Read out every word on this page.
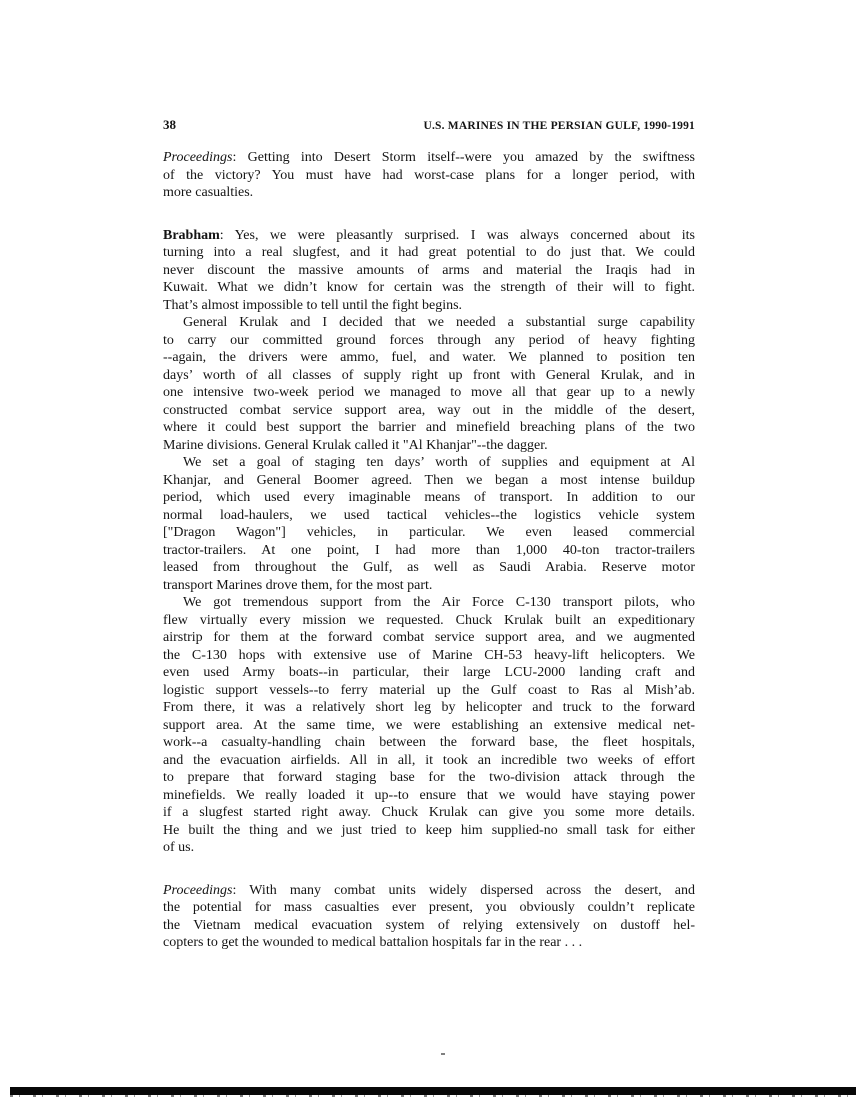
38	U.S. MARINES IN THE PERSIAN GULF, 1990-1991
Proceedings: Getting into Desert Storm itself--were you amazed by the swiftness
of the victory? You must have had worst-case plans for a longer period, with
more casualties.
Brabham: Yes, we were pleasantly surprised. I was always concerned about its
turning into a real slugfest, and it had great potential to do just that. We could
never discount the massive amounts of arms and material the Iraqis had in
Kuwait. What we didn’t know for certain was the strength of their will to fight.
That’s almost impossible to tell until the fight begins.
General Krulak and I decided that we needed a substantial surge capability
to carry our committed ground forces through any period of heavy fighting
--again, the drivers were ammo, fuel, and water. We planned to position ten
days’ worth of all classes of supply right up front with General Krulak, and in
one intensive two-week period we managed to move all that gear up to a newly
constructed combat service support area, way out in the middle of the desert,
where it could best support the barrier and minefield breaching plans of the two
Marine divisions. General Krulak called it "Al Khanjar"--the dagger.
We set a goal of staging ten days’ worth of supplies and equipment at Al
Khanjar, and General Boomer agreed. Then we began a most intense buildup
period, which used every imaginable means of transport. In addition to our
normal load-haulers, we used tactical vehicles--the logistics vehicle system
["Dragon Wagon"] vehicles, in particular. We even leased commercial
tractor-trailers. At one point, I had more than 1,000 40-ton tractor-trailers
leased from throughout the Gulf, as well as Saudi Arabia. Reserve motor
transport Marines drove them, for the most part.
We got tremendous support from the Air Force C-130 transport pilots, who
flew virtually every mission we requested. Chuck Krulak built an expeditionary
airstrip for them at the forward combat service support area, and we augmented
the C-130 hops with extensive use of Marine CH-53 heavy-lift helicopters. We
even used Army boats--in particular, their large LCU-2000 landing craft and
logistic support vessels--to ferry material up the Gulf coast to Ras al Mish’ab.
From there, it was a relatively short leg by helicopter and truck to the forward
support area. At the same time, we were establishing an extensive medical net-
work--a casualty-handling chain between the forward base, the fleet hospitals,
and the evacuation airfields. All in all, it took an incredible two weeks of effort
to prepare that forward staging base for the two-division attack through the
minefields. We really loaded it up--to ensure that we would have staying power
if a slugfest started right away. Chuck Krulak can give you some more details.
He built the thing and we just tried to keep him supplied-no small task for either
of us.
Proceedings: With many combat units widely dispersed across the desert, and
the potential for mass casualties ever present, you obviously couldn’t replicate
the Vietnam medical evacuation system of relying extensively on dustoff hel-
copters to get the wounded to medical battalion hospitals far in the rear . . .
